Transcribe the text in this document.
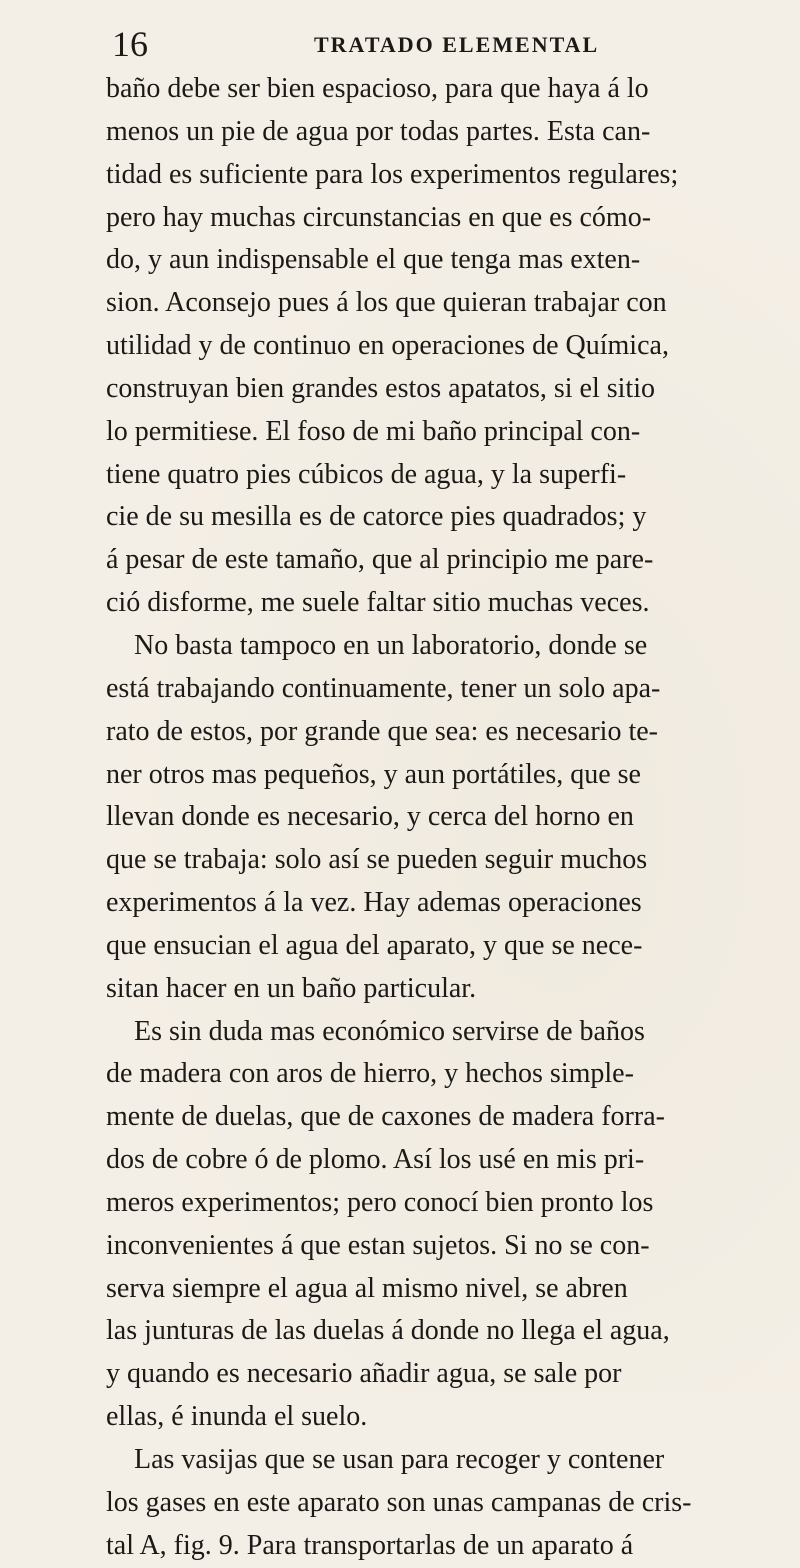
16	TRATADO ELEMENTAL
baño debe ser bien espacioso, para que haya á lo
menos un pie de agua por todas partes. Esta can-
tidad es suficiente para los experimentos regulares;
pero hay muchas circunstancias en que es cómo-
do, y aun indispensable el que tenga mas exten-
sion. Aconsejo pues á los que quieran trabajar con
utilidad y de continuo en operaciones de Química,
construyan bien grandes estos apatatos, si el sitio
lo permitiese. El foso de mi baño principal con-
tiene quatro pies cúbicos de agua, y la superfi-
cie de su mesilla es de catorce pies quadrados; y
á pesar de este tamaño, que al principio me pare-
ció disforme, me suele faltar sitio muchas veces.
No basta tampoco en un laboratorio, donde se
está trabajando continuamente, tener un solo apa-
rato de estos, por grande que sea: es necesario te-
ner otros mas pequeños, y aun portátiles, que se
llevan donde es necesario, y cerca del horno en
que se trabaja: solo así se pueden seguir muchos
experimentos á la vez. Hay ademas operaciones
que ensucian el agua del aparato, y que se nece-
sitan hacer en un baño particular.
Es sin duda mas económico servirse de baños
de madera con aros de hierro, y hechos simple-
mente de duelas, que de caxones de madera forra-
dos de cobre ó de plomo. Así los usé en mis pri-
meros experimentos; pero conocí bien pronto los
inconvenientes á que estan sujetos. Si no se con-
serva siempre el agua al mismo nivel, se abren
las junturas de las duelas á donde no llega el agua,
y quando es necesario añadir agua, se sale por
ellas, é inunda el suelo.
Las vasijas que se usan para recoger y contener
los gases en este aparato son unas campanas de cris-
tal A, fig. 9. Para transportarlas de un aparato á
